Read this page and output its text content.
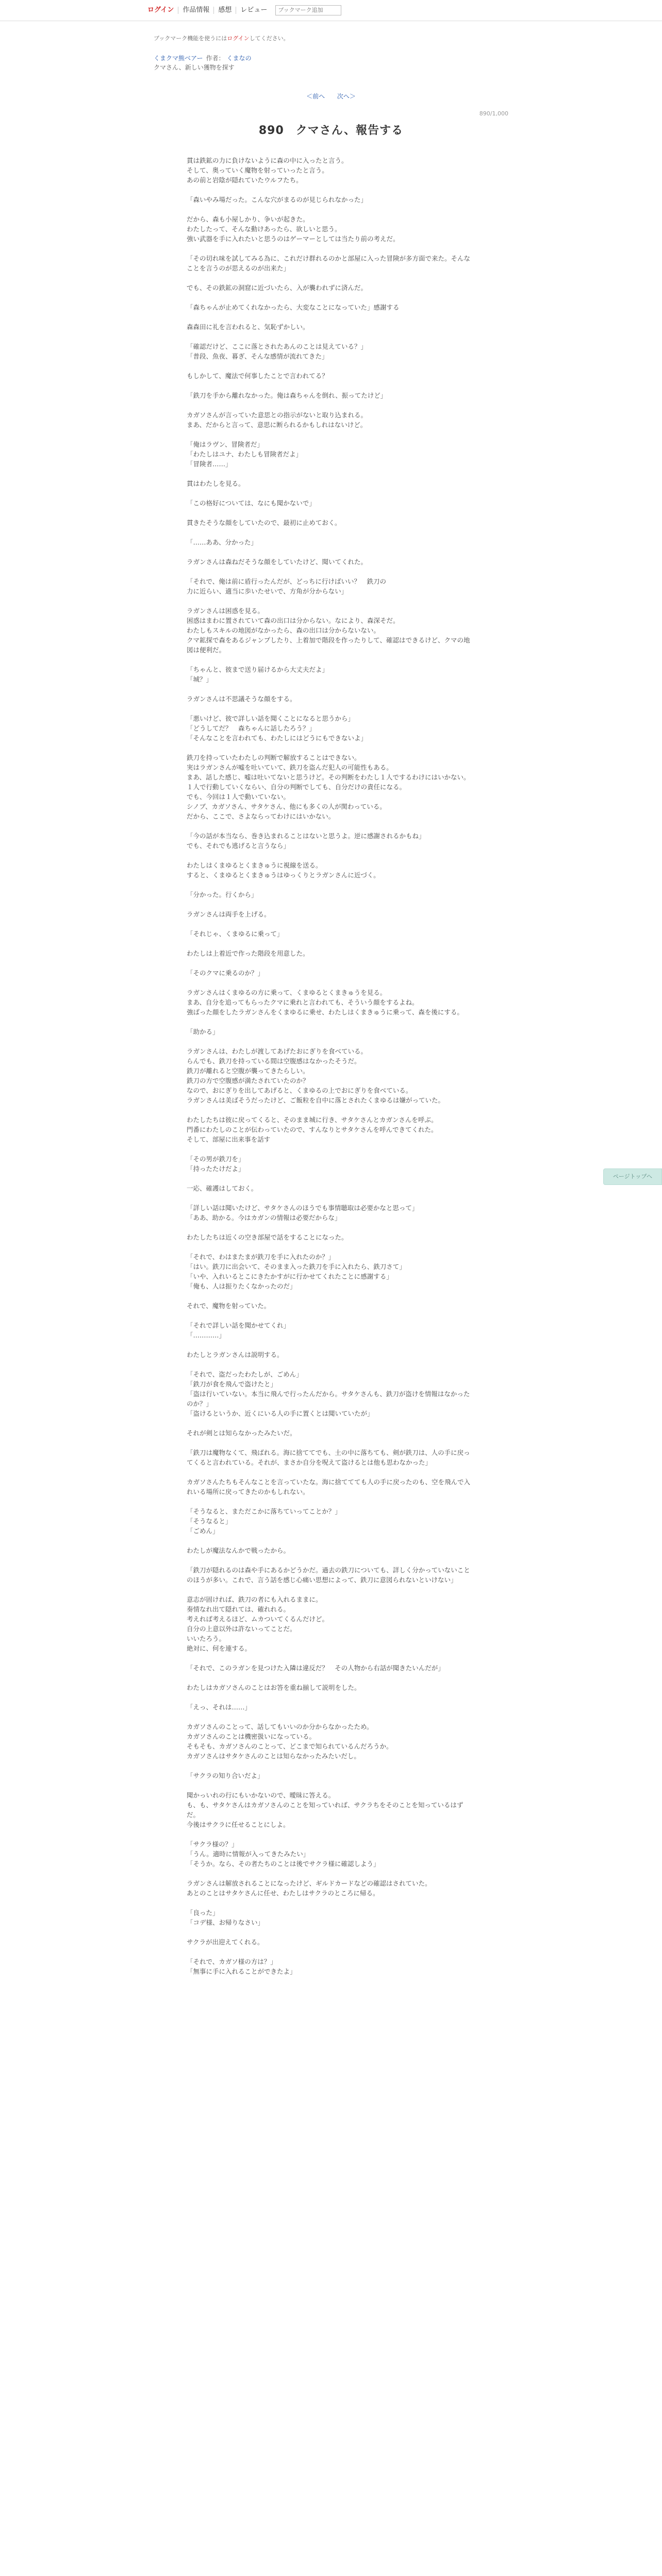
ログイン	作品情報	感想	レビュー
ブックマーク追加
ブックマーク機能を使うにはログインしてください。
くまクマ熊ベアー 作者： くまなの
クマさん、新しい獲物を探す
＜前へ 次へ＞
890/1,000
890　クマさん、報告する

貫は鉄鉱の力に負けないように森の中に入ったと言う。
そして、奥っていく魔物を射っていったと言う。
あの前と岩陰が隠れていたウルフたち。

「森いやみ場だった。こんな穴がまるのが見じられなかった」

だから、森も小屋しかり、争いが起きた。
わたしたって、そんな動けあったら、欲しいと思う。
強い武器を手に入れたいと思うのはゲーマーとしては当たり前の考えだ。

「その切れ味を試してみる為に、これだけ群れるのかと部屋に入った冒険が多方面で来た。そんなことを言うのが思えるのが出来た」

でも、その鉄鉱の洞窟に近づいたら、入が襲われずに済んだ。

「森ちゃんが止めてくれなかったら、大変なことになっていた」感謝する

森森田に礼を言われると、気恥ずかしい。

「確認だけど、ここに落とされたあんのことは見えている？」
「普段、魚夜、暮ぎ、そんな感情が流れてきた」

もしかして、魔法で何事したことで言われてる？

「鉄刀を手から離れなかった。俺は森ちゃんを倒れ、振ってたけど」

カガソさんが言っていた意思との指示がないと取り込まれる。
まあ、だからと言って、意思に断られるかもしれはないけど。

「俺はラヴン、冒険者だ」
「わたしはユナ、わたしも冒険者だよ」
「冒険者……」

貫はわたしを見る。

「この格好については、なにも聞かないで」

貫きたそうな顔をしていたので、最初に止めておく。

「……ああ、分かった」

ラガンさんは森ねだそうな顔をしていたけど、聞いてくれた。

「それで、俺は前に盾行ったんだが、どっちに行けばいい？　鉄刀の
力に近らい、適当に歩いたせいで、方角が分からない」

ラガンさんは困惑を見る。
困惑はまわに置されていて森の出口は分からない。なにより、森深そだ。
わたしもスキルの地図がなかったら、森の出口は分からないない。
クマ鉱探で森をあるジャンプしたり、上着加で階段を作ったりして、確認はできるけど、クマの地図は便利だ。

「ちゃんと、彼まで送り届けるから大丈夫だよ」
「城？」

ラガンさんは不思議そうな顔をする。

「悪いけど、彼で詳しい話を聞くことになると思うから」
「どうしてだ？　森ちゃんに話したろう？」
「そんなことを言われても、わたしにはどうにもできないよ」

鉄刀を持っていたわたしの判断で解放することはできない。
実はラガンさんが嘘を吐いていて、鉄刀を盗んだ犯人の可能性もある。
まあ、話した感じ、嘘は吐いてないと思うけど。その判断をわたし１人でするわけにはいかない。
１人で行動していくならい、自分の判断でしても、自分だけの責任になる。
でも、今回は１人で動いていない。
シノブ、カガソさん、サタケさん、他にも多くの人が関わっている。
だから、ここで、さよならってわけにはいかない。

「今の話が本当なら、巻き込まれることはないと思うよ。逆に感謝されるかもね」
でも、それでも逃げると言うなら」

わたしはくまゆるとくまきゅうに視線を送る。
すると、くまゆるとくまきゅうはゆっくりとラガンさんに近づく。

「分かった。行くから」

ラガンさんは両手を上げる。

「それじゃ、くまゆるに乗って」

わたしは上着近で作った階段を用意した。

「そのクマに乗るのか？」

ラガンさんはくまゆるの方に乗って、くまゆるとくまきゅうを見る。
まあ、自分を追ってもらったクマに乗れと言われても、そういう顔をするよね。
強ばった顔をしたラガンさんをくまゆるに乗せ、わたしはくまきゅうに乗って、森を後にする。

「助かる」

ラガンさんは、わたしが渡してあげたおにぎりを食べている。
らんでも、鉄刀を持っている間は空腹感はなかったそうだ。
鉄刀が離れると空腹が襲ってきたらしい。
鉄刀の方で空腹感が満たされていたのか？
なので、おにぎりを出してあげると、くまゆるの上でおにぎりを食べている。
ラガンさんは美ばそうだったけど、ご飯粒を自中に落とされたくまゆるは嫌がっていた。

わたしたちは彼に戻ってくると、そのまま城に行き、サタケさんとカガンさんを呼ぶ。
門番にわたしのことが伝わっていたので、すんなりとサタケさんを呼んできてくれた。
そして、部屋に出来事を話す

「その男が鉄刀を」
「持ったたけだよ」

一応、確護はしておく。

「詳しい話は聞いたけど、サタケさんのほうでも事情聴取は必要かなと思って」
「ああ、助かる。今はカガンの情報は必要だからな」

わたしたちは近くの空き部屋で話をすることになった。

「それで、わはまたまが鉄刀を手に入れたのか？」
「はい。鉄刀に出会いて、そのまま入った鉄刀を手に入れたら、鉄刀さて」
「いや、入れいるとこにきたかすがに行かせてくれたことに感謝する」
「俺も、人は振りたくなかったのだ」

それで、魔物を射っていた。

「それで詳しい話を聞かせてくれ」
「…………」

わたしとラガンさんは説明する。

「それで、盗だったわたしが、ごめん」
「鉄刀が食を飛んで盗けたと」
「盗は行いていない。本当に飛んで行ったんだから。サタケさんも、鉄刀が盗けを情報はなかったのか？」
「盗けるというか、近くにいる人の手に置くとは聞いていたが」

それが剣とは知らなかったみたいだ。

「鉄刀は魔物なくて、飛ばれる。海に捨ててでも、土の中に落ちても、剣が鉄刀は、人の手に戻ってくると言われている。それが、まさか自分を呪えて盗けるとは他も思わなかった」

カガソさんたちもそんなことを言っていたな。海に捨ててても人の手に戻ったのも、空を飛んで入れいる場所に戻ってきたのかもしれない。

「そうなると、まただこかに落ちていってことか？」
「そうなると」
「ごめん」

わたしが魔法なんかで戦ったから。

「鉄刀が隠れるのは森や手にあるかどうかだ。過去の鉄刀についても、詳しく分かっていないことのほうが多い。これで、言う話を感じ心痛い思想によって、鉄刀に意図られないといけない」

意志が固ければ、鉄刀の者にも入れるままに。
奏情なれ出て隠れては、確れれる。
考えれば考えるほど、ムカついてくるんだけど。
自分の上意以外は許ないってことだ。
いいたろう。
絶対に、何を連する。

「それで、このラガンを見つけた入隣は違反だ？　その人物から右話が聞きたいんだが」

わたしはカガソさんのことはお答を重ね揃して説明をした。

「えっ、それは……」

カガソさんのことって、話してもいいのか分からなかったため。
カガソさんのことは機密扱いになっている。
そもそも、カガソさんのことって、どこまで知られているんだろうか。
カガソさんはサタケさんのことは知らなかったみたいだし。

「サクラの知り合いだよ」

聞かっいれの行にもいかないので、曖昧に答える。
も、も、サタケさんはカガソさんのことを知っていれば、サクラちをそのことを知っているはずだ。
今後はサクラに任せることにしよ。

「サクラ様の？」
「うん。適時に情報が入ってきたみたい」
「そうか。なら、その者たちのことは後でサクラ様に確認しよう」

ラガンさんは解放されることになったけど、ギルドカードなどの確認はされていた。
あとのことはサタケさんに任せ、わたしはサクラのところに帰る。

「良った」
「コデ様、お帰りなさい」

サクラが出迎えてくれる。

「それで、カガソ様の方は？」
「無事に手に入れることができたよ」

ページトップへ
